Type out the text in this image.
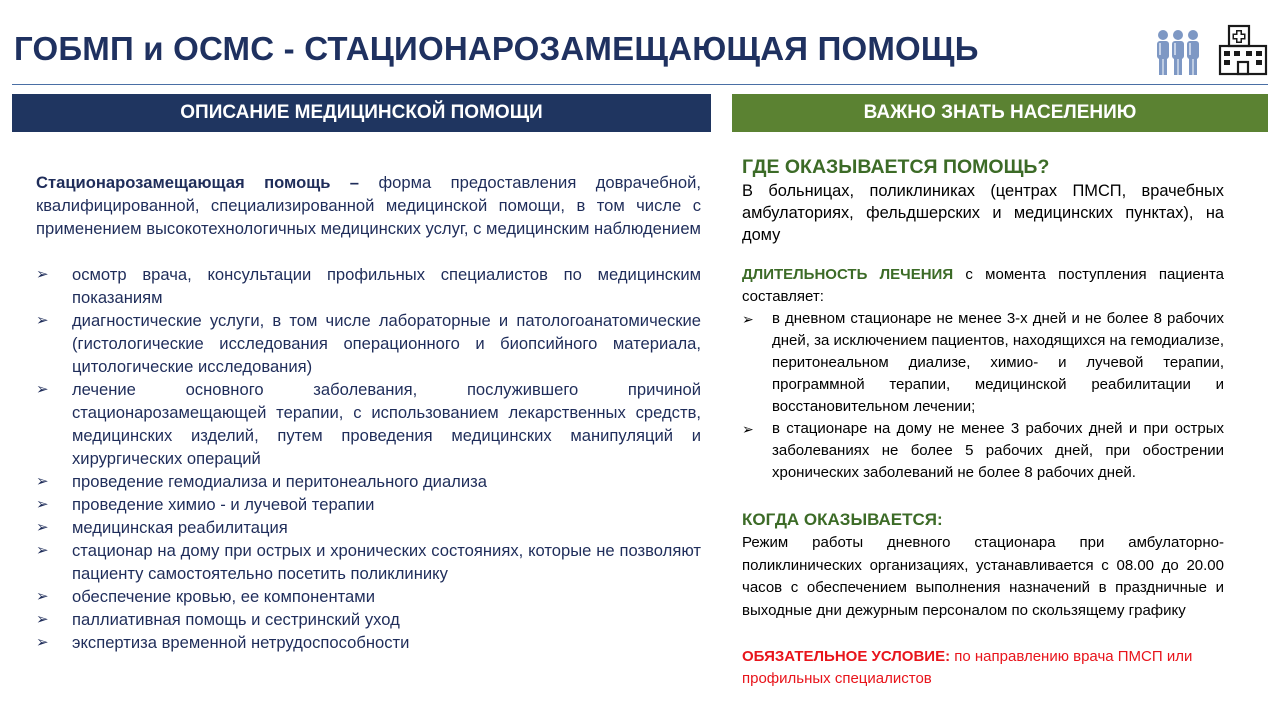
ГОБМП и ОСМС - СТАЦИОНАРОЗАМЕЩАЮЩАЯ ПОМОЩЬ
ОПИСАНИЕ МЕДИЦИНСКОЙ ПОМОЩИ	ВАЖНО ЗНАТЬ НАСЕЛЕНИЮ

Стационарозамещающая помощь – форма предоставления доврачебной, квалифицированной, специализированной медицинской помощи, в том числе с применением высокотехнологичных медицинских услуг, с медицинским наблюдением

➢ осмотр врача, консультации профильных специалистов по медицинским показаниям
➢ диагностические услуги, в том числе лабораторные и патологоанатомические (гистологические исследования операционного и биопсийного материала, цитологические исследования)
➢ лечение основного заболевания, послужившего причиной стационарозамещающей терапии, с использованием лекарственных средств, медицинских изделий, путем проведения медицинских манипуляций и хирургических операций
➢ проведение гемодиализа и перитонеального диализа
➢ проведение химио - и лучевой терапии
➢ медицинская реабилитация
➢ стационар на дому при острых и хронических состояниях, которые не позволяют пациенту самостоятельно посетить поликлинику
➢ обеспечение кровью, ее компонентами
➢ паллиативная помощь и сестринский уход
➢ экспертиза временной нетрудоспособности
ГДЕ ОКАЗЫВАЕТСЯ ПОМОЩЬ?

В больницах, поликлиниках (центрах ПМСП, врачебных амбулаториях, фельдшерских и медицинских пунктах), на дому

ДЛИТЕЛЬНОСТЬ ЛЕЧЕНИЯ с момента поступления пациента составляет:
➢ в дневном стационаре не менее 3-х дней и не более 8 рабочих дней, за исключением пациентов, находящихся на гемодиализе, перитонеальном диализе, химио- и лучевой терапии, программной терапии, медицинской реабилитации и восстановительном лечении;
➢ в стационаре на дому не менее 3 рабочих дней и при острых заболеваниях не более 5 рабочих дней, при обострении хронических заболеваний не более 8 рабочих дней.
КОГДА ОКАЗЫВАЕТСЯ:
Режим работы дневного стационара при амбулаторно-поликлинических организациях, устанавливается с 08.00 до 20.00 часов с обеспечением выполнения назначений в праздничные и выходные дни дежурным персоналом по скользящему графику
ОБЯЗАТЕЛЬНОЕ УСЛОВИЕ: по направлению врача ПМСП или профильных специалистов
